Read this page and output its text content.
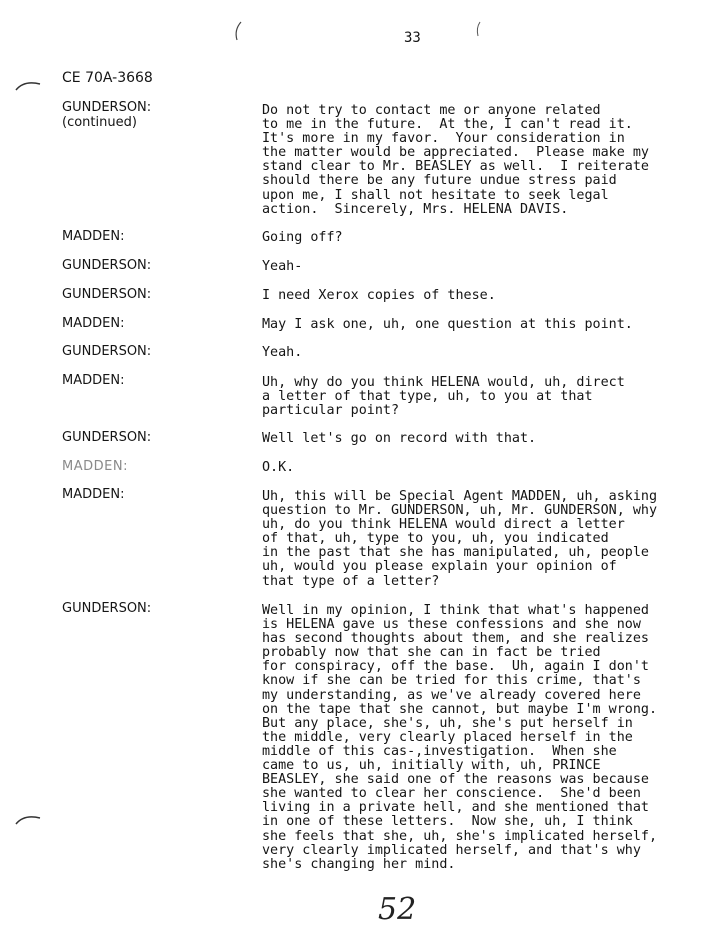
33
CE 70A-3668
GUNDERSON:
(continued)
Do not try to contact me or anyone related
to me in the future.  At the, I can't read it.
It's more in my favor.  Your consideration in
the matter would be appreciated.  Please make my
stand clear to Mr. BEASLEY as well.  I reiterate
should there be any future undue stress paid
upon me, I shall not hesitate to seek legal
action.  Sincerely, Mrs. HELENA DAVIS.
MADDEN:	Going off?
GUNDERSON:	Yeah-
GUNDERSON:	I need Xerox copies of these.
MADDEN:	May I ask one, uh, one question at this point.
GUNDERSON:	Yeah.
MADDEN:	Uh, why do you think HELENA would, uh, direct
a letter of that type, uh, to you at that
particular point?
GUNDERSON:	Well let's go on record with that.
MADDEN:	O.K.
MADDEN:	Uh, this will be Special Agent MADDEN, uh, asking
question to Mr. GUNDERSON, uh, Mr. GUNDERSON, why
uh, do you think HELENA would direct a letter
of that, uh, type to you, uh, you indicated
in the past that she has manipulated, uh, people
uh, would you please explain your opinion of
that type of a letter?
GUNDERSON:	Well in my opinion, I think that what's happened
is HELENA gave us these confessions and she now
has second thoughts about them, and she realizes
probably now that she can in fact be tried
for conspiracy, off the base.  Uh, again I don't
know if she can be tried for this crime, that's
my understanding, as we've already covered here
on the tape that she cannot, but maybe I'm wrong.
But any place, she's, uh, she's put herself in
the middle, very clearly placed herself in the
middle of this cas-,investigation.  When she
came to us, uh, initially with, uh, PRINCE
BEASLEY, she said one of the reasons was because
she wanted to clear her conscience.  She'd been
living in a private hell, and she mentioned that
in one of these letters.  Now she, uh, I think
she feels that she, uh, she's implicated herself,
very clearly implicated herself, and that's why
she's changing her mind.
52
